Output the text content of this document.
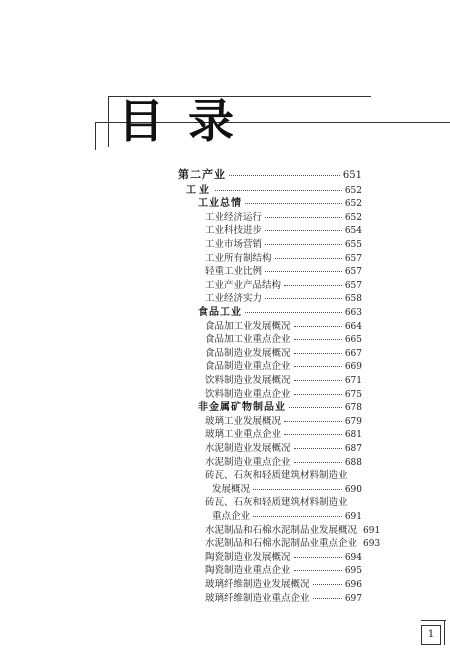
目 录
第二产业	651
工业	652
工业总情	652
工业经济运行	652
工业科技进步	654
工业市场营销	655
工业所有制结构	657
轻重工业比例	657
工业产业产品结构	657
工业经济实力	658
食品工业	663
食品加工业发展概况	664
食品加工业重点企业	665
食品制造业发展概况	667
食品制造业重点企业	669
饮料制造业发展概况	671
饮料制造业重点企业	675
非金属矿物制品业	678
玻璃工业发展概况	679
玻璃工业重点企业	681
水泥制造业发展概况	687
水泥制造业重点企业	688
砖瓦、石灰和轻质建筑材料制造业
发展概况	690
砖瓦、石灰和轻质建筑材料制造业
重点企业	691
水泥制品和石棉水泥制品业发展概况 691
水泥制品和石棉水泥制品业重点企业 693
陶瓷制造业发展概况	694
陶瓷制造业重点企业	695
玻璃纤维制造业发展概况	696
玻璃纤维制造业重点企业	697
1
